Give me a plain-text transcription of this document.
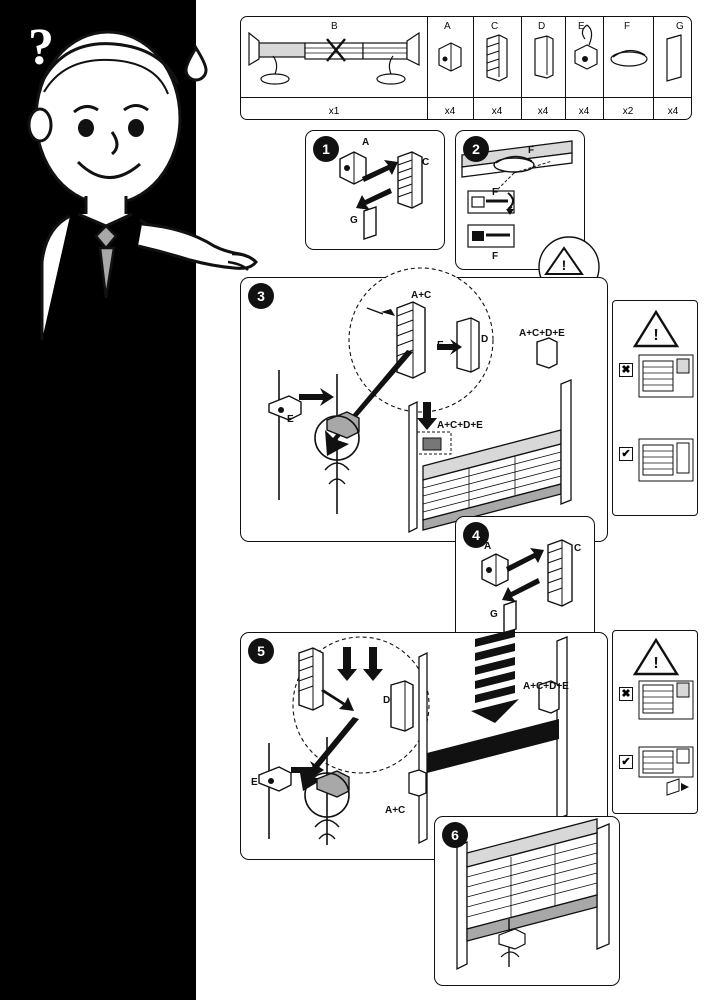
?	B	A	C	D	E	F	G
x1	x4	x4	x4	x4	x2	x4
A
C
G
1	F
F
F
2
!
A+C
E
D
A+C+D+E
A+C+D+E
E
3
!
✖
✔
A	C
G
4
D
E
A+C
A+C+D+E
5
!
✖
✔
6
